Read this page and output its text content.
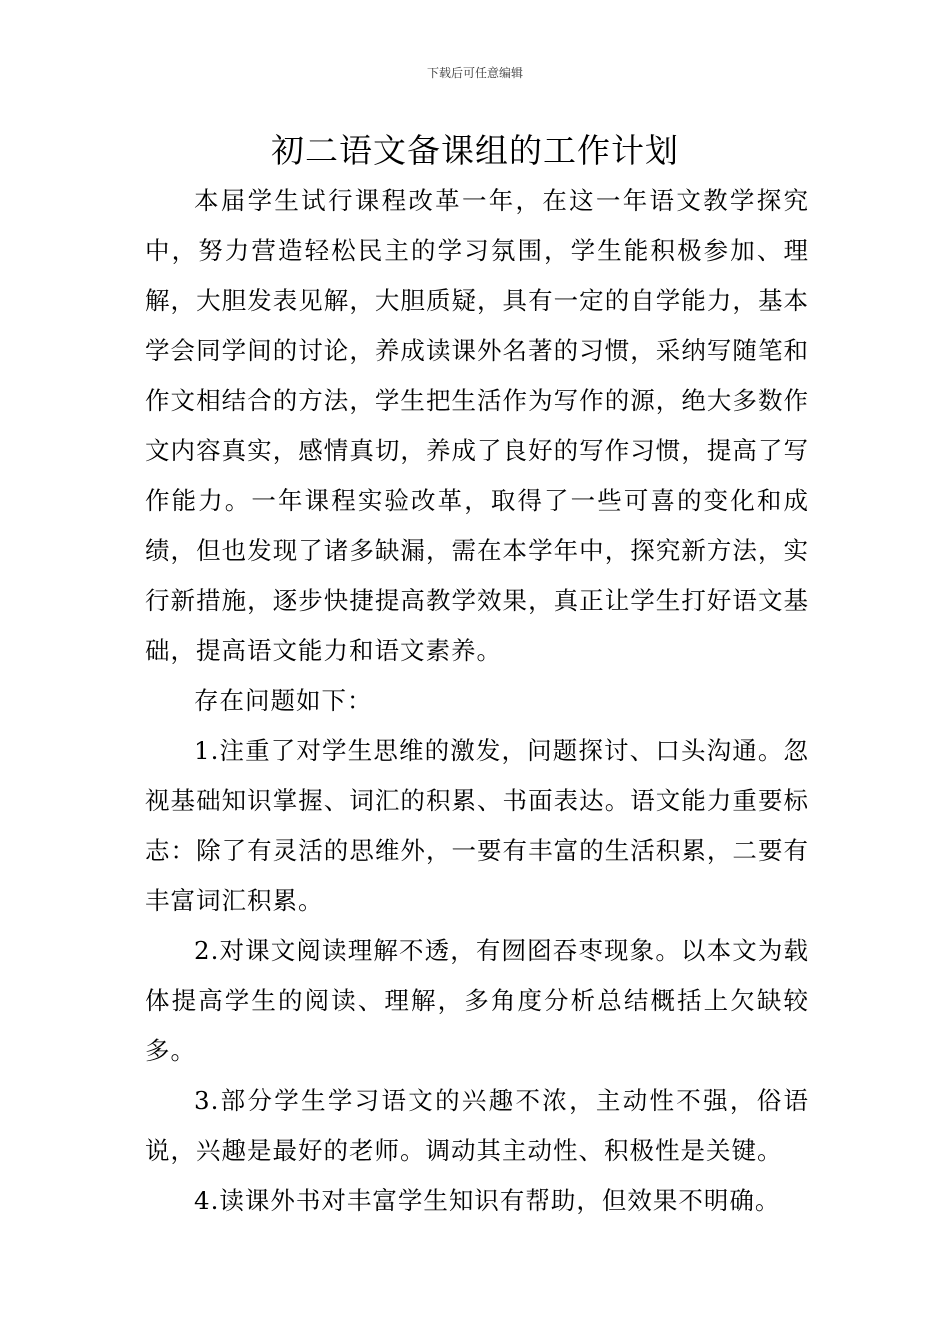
下载后可任意编辑
初二语文备课组的工作计划

本届学生试行课程改革一年，在这一年语文教学探究中，努力营造轻松民主的学习氛围，学生能积极参加、理解，大胆发表见解，大胆质疑，具有一定的自学能力，基本学会同学间的讨论，养成读课外名著的习惯，采纳写随笔和作文相结合的方法，学生把生活作为写作的源，绝大多数作文内容真实，感情真切，养成了良好的写作习惯，提高了写作能力。一年课程实验改革，取得了一些可喜的变化和成绩，但也发现了诸多缺漏，需在本学年中，探究新方法，实行新措施，逐步快捷提高教学效果，真正让学生打好语文基础，提高语文能力和语文素养。

存在问题如下：

1.注重了对学生思维的激发，问题探讨、口头沟通。忽视基础知识掌握、词汇的积累、书面表达。语文能力重要标志：除了有灵活的思维外，一要有丰富的生活积累，二要有丰富词汇积累。

2.对课文阅读理解不透，有囫囵吞枣现象。以本文为载体提高学生的阅读、理解，多角度分析总结概括上欠缺较多。

3.部分学生学习语文的兴趣不浓，主动性不强，俗语说，兴趣是最好的老师。调动其主动性、积极性是关键。

4.读课外书对丰富学生知识有帮助，但效果不明确。
